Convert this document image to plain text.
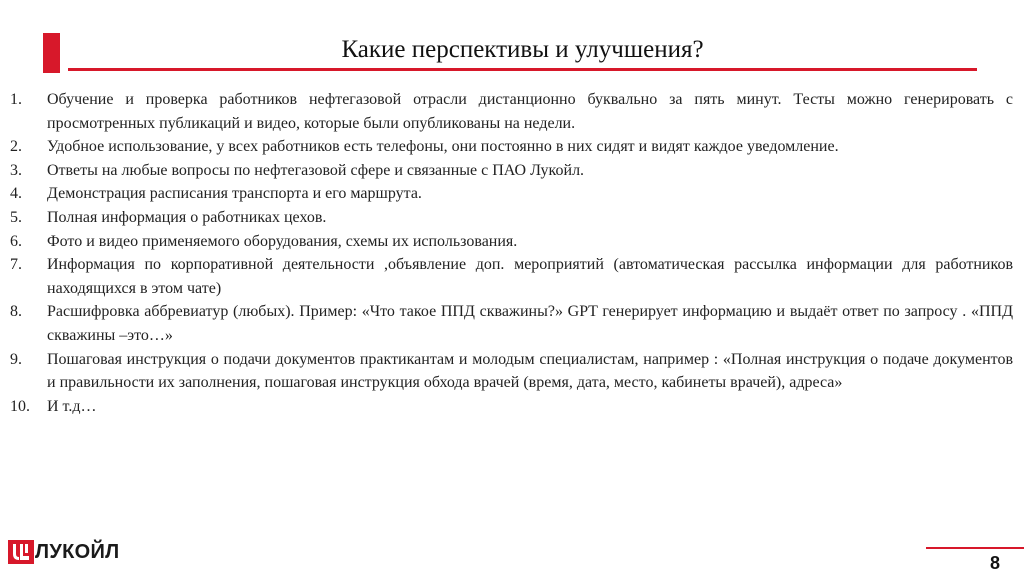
Какие перспективы и улучшения?
1.	Обучение и проверка работников нефтегазовой отрасли дистанционно буквально за пять минут. Тесты можно генерировать с просмотренных публикаций и видео, которые были опубликованы на недели.
2.	Удобное использование, у всех работников есть телефоны, они постоянно в них сидят и видят каждое уведомление.
3.	Ответы на любые вопросы по нефтегазовой сфере и связанные с ПАО Лукойл.
4.	Демонстрация расписания транспорта и его маршрута.
5.	Полная информация о работниках цехов.
6.	Фото и видео применяемого оборудования, схемы их использования.
7.	Информация по корпоративной деятельности ,объявление доп. мероприятий (автоматическая рассылка информации для работников находящихся в этом чате)
8.	Расшифровка аббревиатур (любых). Пример: «Что такое ППД скважины?» GPT генерирует информацию и выдаёт ответ по запросу . «ППД скважины –это…»
9.	Пошаговая инструкция о подачи документов практикантам и молодым специалистам, например : «Полная инструкция о подаче документов и правильности их заполнения, пошаговая инструкция обхода врачей (время, дата, место, кабинеты врачей), адреса»
10.	И т.д…
ЛУКОЙЛ	8
